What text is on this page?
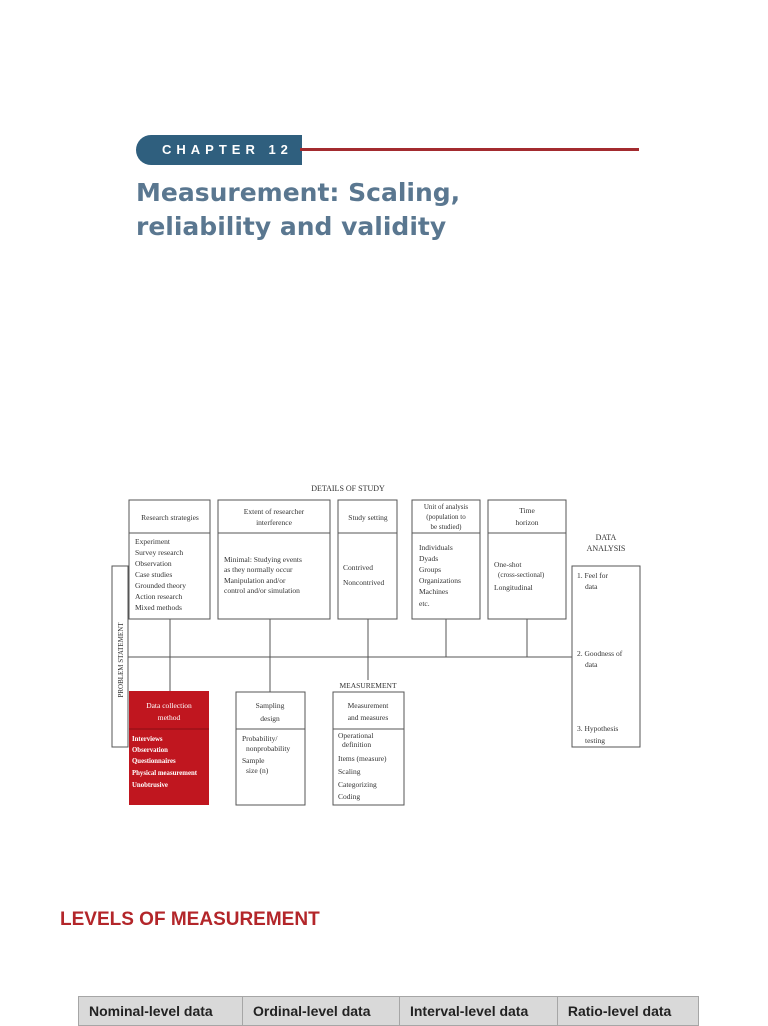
CHAPTER 12
Measurement: Scaling,
reliability and validity
DETAILS OF STUDY
PROBLEM STATEMENT
Research strategies
Experiment
Survey research
Observation
Case studies
Grounded theory
Action research
Mixed methods
Extent of researcher
interference
Minimal: Studying events
as they normally occur
Manipulation and/or
control and/or simulation
Study setting
Contrived
Noncontrived
Unit of analysis
(population to
be studied)
Individuals
Dyads
Groups
Organizations
Machines
etc.
Time
horizon
One-shot
(cross-sectional)
Longitudinal
DATA
ANALYSIS
1. Feel for
data
2. Goodness of
data
3. Hypothesis
testing
Data collection
method
Interviews
Observation
Questionnaires
Physical measurement
Unobtrusive
Sampling
design
Probability/
nonprobability
Sample
size (n)
MEASUREMENT
Measurement
and measures
Operational
definition
Items (measure)
Scaling
Categorizing
Coding
LEVELS OF MEASUREMENT
Nominal-level data	Ordinal-level data	Interval-level data	Ratio-level data
